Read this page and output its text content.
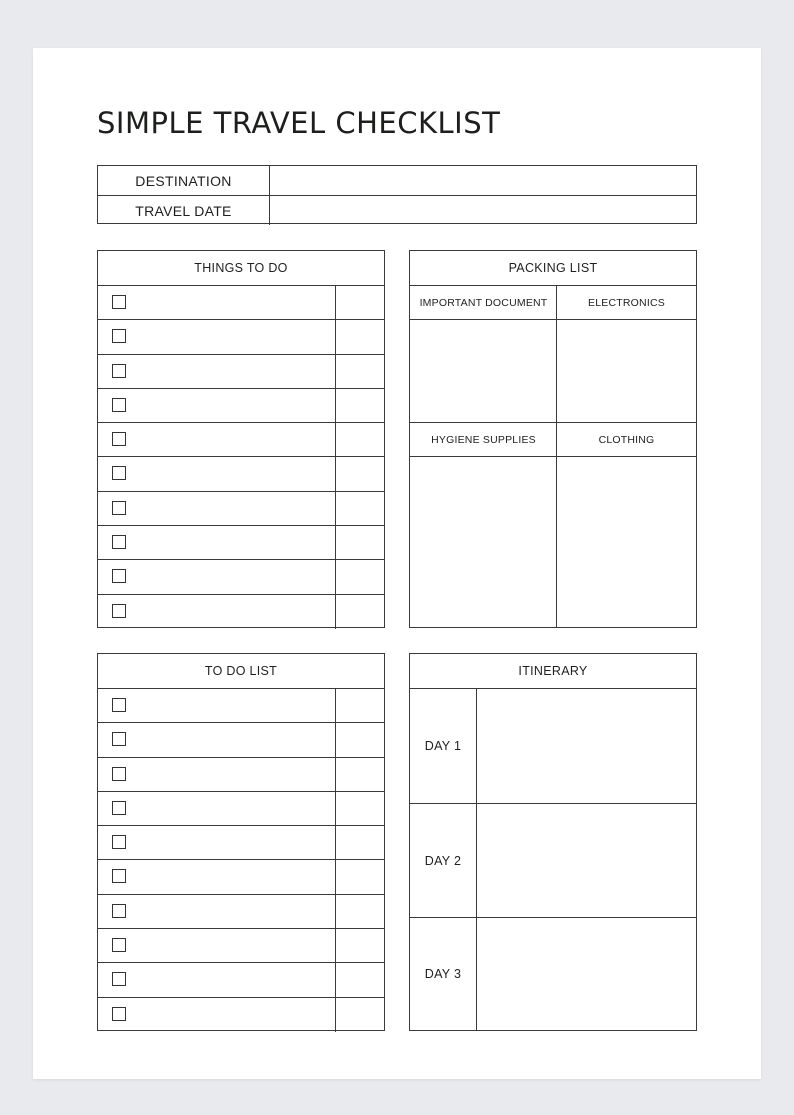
SIMPLE TRAVEL CHECKLIST
DESTINATION
TRAVEL DATE
THINGS TO DO	PACKING LIST
IMPORTANT DOCUMENT	ELECTRONICS
HYGIENE SUPPLIES	CLOTHING
TO DO LIST	ITINERARY
DAY 1
DAY 2
DAY 3
